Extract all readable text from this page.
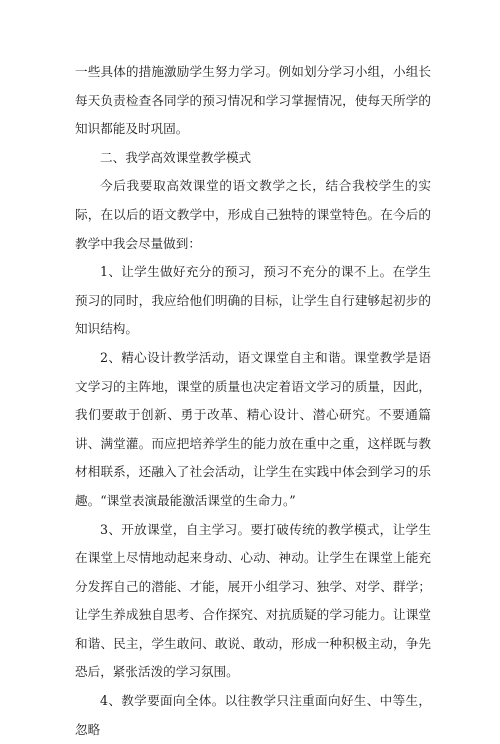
一些具体的措施激励学生努力学习。例如划分学习小组，小组长每天负责检查各同学的预习情况和学习掌握情况，使每天所学的知识都能及时巩固。

二、我学高效课堂教学模式

今后我要取高效课堂的语文教学之长，结合我校学生的实际，在以后的语文教学中，形成自己独特的课堂特色。在今后的教学中我会尽量做到：

1、让学生做好充分的预习，预习不充分的课不上。在学生预习的同时，我应给他们明确的目标，让学生自行建够起初步的知识结构。

2、精心设计教学活动，语文课堂自主和谐。课堂教学是语文学习的主阵地，课堂的质量也决定着语文学习的质量，因此，我们要敢于创新、勇于改革、精心设计、潜心研究。不要通篇讲、满堂灌。而应把培养学生的能力放在重中之重，这样既与教材相联系，还融入了社会活动，让学生在实践中体会到学习的乐趣。“课堂表演最能激活课堂的生命力。”

3、开放课堂，自主学习。要打破传统的教学模式，让学生在课堂上尽情地动起来身动、心动、神动。让学生在课堂上能充分发挥自己的潜能、才能，展开小组学习、独学、对学、群学；让学生养成独自思考、合作探究、对抗质疑的学习能力。让课堂和谐、民主，学生敢问、敢说、敢动，形成一种积极主动，争先恐后，紧张活泼的学习氛围。

4、教学要面向全体。以往教学只注重面向好生、中等生，忽略
